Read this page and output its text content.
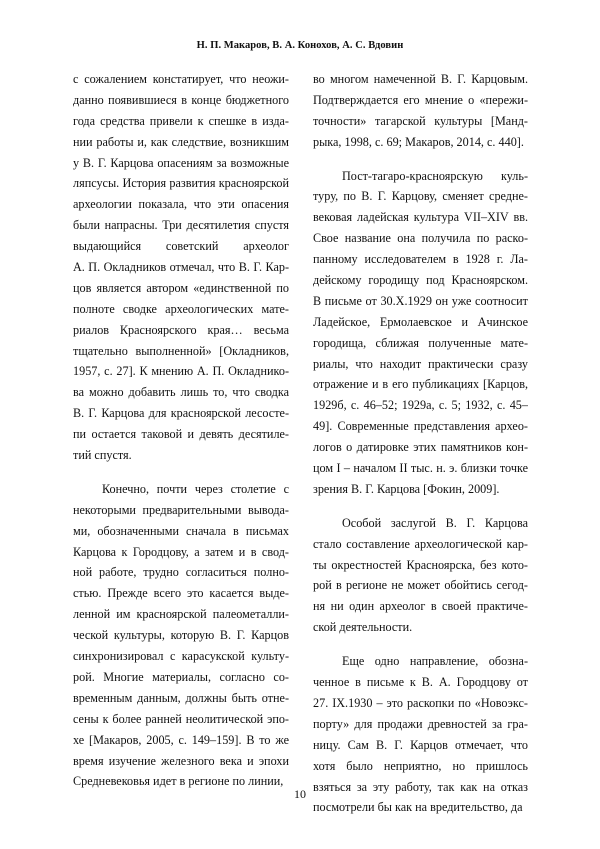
Н. П. Макаров, В. А. Конохов, А. С. Вдовин
с сожалением констатирует, что неожи-
данно появившиеся в конце бюджетного
года средства привели к спешке в изда-
нии работы и, как следствие, возникшим
у В. Г. Карцова опасениям за возможные
ляпсусы. История развития красноярской
археологии показала, что эти опасения
были напрасны. Три десятилетия спустя
выдающийся советский археолог
А. П. Окладников отмечал, что В. Г. Кар-
цов является автором «единственной по
полноте сводке археологических мате-
риалов Красноярского края… весьма
тщательно выполненной» [Окладников,
1957, с. 27]. К мнению А. П. Окладнико-
ва можно добавить лишь то, что сводка
В. Г. Карцова для красноярской лесосте-
пи остается таковой и девять десятиле-
тий спустя.
Конечно, почти через столетие с
некоторыми предварительными вывода-
ми, обозначенными сначала в письмах
Карцова к Городцову, а затем и в свод-
ной работе, трудно согласиться полно-
стью. Прежде всего это касается выде-
ленной им красноярской палеометалли-
ческой культуры, которую В. Г. Карцов
синхронизировал с карасукской культу-
рой. Многие материалы, согласно со-
временным данным, должны быть отне-
сены к более ранней неолитической эпо-
хе [Макаров, 2005, с. 149–159]. В то же
время изучение железного века и эпохи
Средневековья идет в регионе по линии,
во многом намеченной В. Г. Карцовым.
Подтверждается его мнение о «пережи-
точности» тагарской культуры [Манд-
рыка, 1998, с. 69; Макаров, 2014, с. 440].
Пост-тагаро-красноярскую куль-
туру, по В. Г. Карцову, сменяет средне-
вековая ладейская культура VII–XIV вв.
Свое название она получила по раско-
панному исследователем в 1928 г. Ла-
дейскому городищу под Красноярском.
В письме от 30.Х.1929 он уже соотносит
Ладейское, Ермолаевское и Ачинское
городища, сближая полученные мате-
риалы, что находит практически сразу
отражение и в его публикациях [Карцов,
1929б, с. 46–52; 1929а, с. 5; 1932, с. 45–
49]. Современные представления архео-
логов о датировке этих памятников кон-
цом I – началом II тыс. н. э. близки точке
зрения В. Г. Карцова [Фокин, 2009].
Особой заслугой В. Г. Карцова
стало составление археологической кар-
ты окрестностей Красноярска, без кото-
рой в регионе не может обойтись сегод-
ня ни один археолог в своей практиче-
ской деятельности.
Еще одно направление, обозна-
ченное в письме к В. А. Городцову от
27. IX.1930 – это раскопки по «Новоэкс-
порту» для продажи древностей за гра-
ницу. Сам В. Г. Карцов отмечает, что
хотя было неприятно, но пришлось
взяться за эту работу, так как на отказ
посмотрели бы как на вредительство, да
10
